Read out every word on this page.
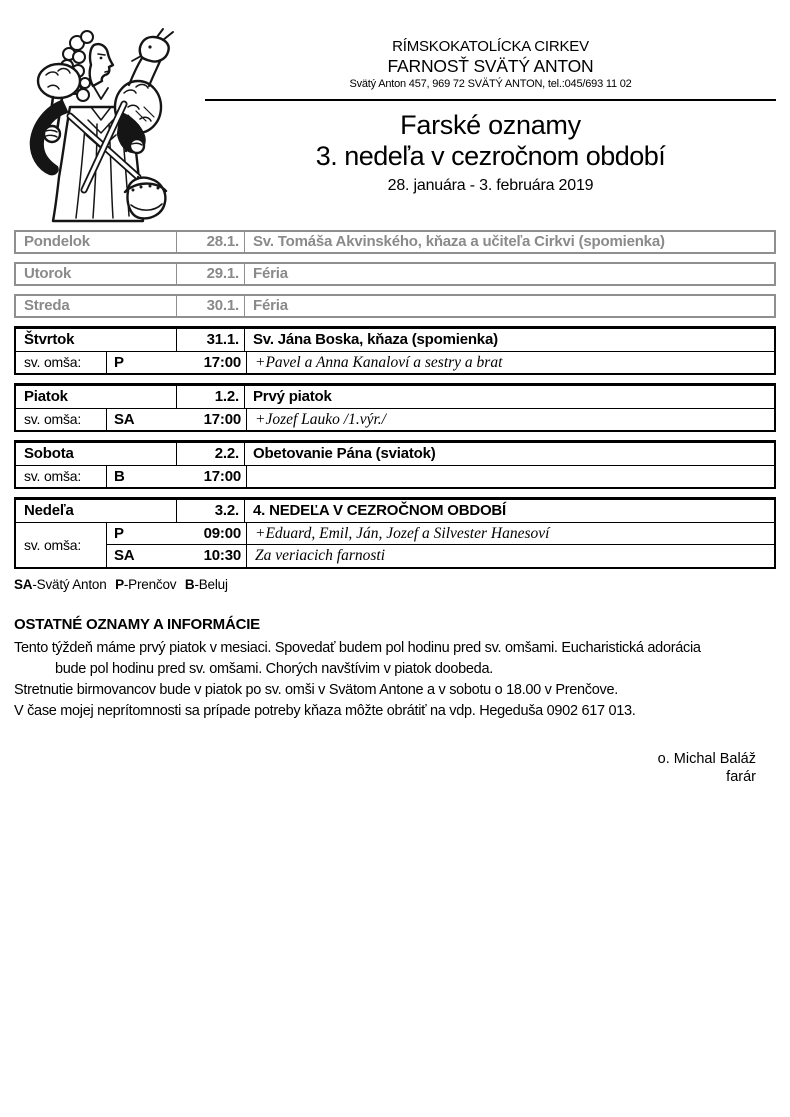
RÍMSKOKATOLÍCKA CIRKEV
FARNOSŤ SVÄTÝ ANTON
Svätý Anton 457, 969 72 SVÄTÝ ANTON, tel.:045/693 11 02
Farské oznamy
3. nedeľa v cezročnom období
28. januára - 3. februára 2019
Pondelok	28.1. Sv. Tomáša Akvinského, kňaza a učiteľa Cirkvi (spomienka)
Utorok	29.1. Féria
Streda	30.1. Féria
Štvrtok	31.1. Sv. Jána Boska, kňaza (spomienka)
sv. omša:	P	17:00 +Pavel a Anna Kanaloví a sestry a brat
Piatok	1.2. Prvý piatok
sv. omša:	SA	17:00 +Jozef Lauko /1.výr./
Sobota	2.2. Obetovanie Pána (sviatok)
sv. omša:	B	17:00
Nedeľa	3.2. 4. NEDEĽA V CEZROČNOM OBDOBÍ
sv. omša:
P	09:00 +Eduard, Emil, Ján, Jozef a Silvester Hanesoví
SA	10:30 Za veriacich farnosti
SA-Svätý Anton P-Prenčov B-Beluj
OSTATNÉ OZNAMY A INFORMÁCIE
Tento týždeň máme prvý piatok v mesiaci. Spovedať budem pol hodinu pred sv. omšami. Eucharistická adorácia
bude pol hodinu pred sv. omšami. Chorých navštívim v piatok doobeda.
Stretnutie birmovancov bude v piatok po sv. omši v Svätom Antone a v sobotu o 18.00 v Prenčove.
V čase mojej neprítomnosti sa prípade potreby kňaza môžte obrátiť na vdp. Hegeduša 0902 617 013.
o. Michal Baláž
farár
